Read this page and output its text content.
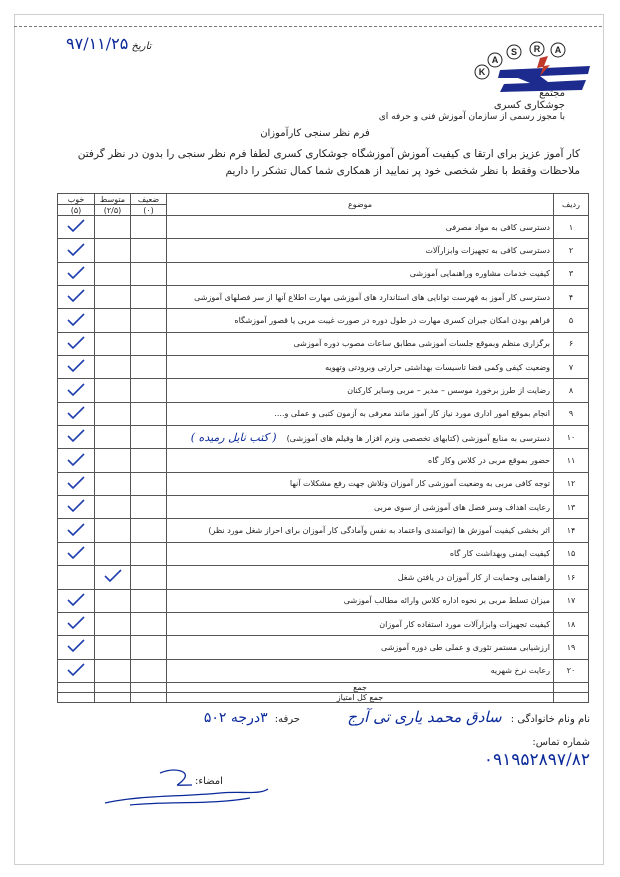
تاریخ ۹۷/۱۱/۲۵	A
R
S
A
K
مجتمع
جوشکاری کسری
با مجوز رسمی از سازمان آموزش فنی و حرفه ای
فرم نظر سنجی کارآموزان
کار آموز عزیز برای ارتقا ی کیفیت آموزش آموزشگاه جوشکاری کسری لطفا فرم نظر سنجی را بدون در نظر گرفتن ملاحظات وفقط با نظر شخصی خود پر نمایید از همکاری شما کمال تشکر را داریم
ردیف	موضوع	ضعیف	متوسط	خوب
		(۰)	(۲/۵)	(۵)
۱	دسترسی کافی به مواد مصرفی			
۲	دسترسی کافی به تجهیزات وابزارآلات			
۳	کیفیت خدمات مشاوره وراهنمایی آموزشی			
۴	دسترسی کار آموز به فهرست توانایی های استاندارد های آموزشی مهارت اطلاع آنها از سر فصلهای آموزشی			
۵	فراهم بودن امکان جبران کسری مهارت در طول دوره در صورت غیبت مربی یا قصور آموزشگاه			
۶	برگزاری منظم وبموقع جلسات آموزشی مطابق ساعات مصوب دوره آموزشی			
۷	وضعیت کیفی وکمی فضا تاسیسات بهداشتی حرارتی وبرودتی وتهویه			
۸	رضایت از طرز برخورد موسس – مدیر – مربی وسایر کارکنان			
۹	انجام بموقع امور اداری مورد نیاز کار آموز مانند معرفی به آزمون کتبی و عملی و....			
۱۰	دسترسی به منابع آموزشی (کتابهای تخصصی ونرم افزار ها وفیلم های آموزشی)( کتب نایل رمیده )			
۱۱	حضور بموقع مربی در کلاس وکار گاه			
۱۲	توجه کافی مربی به وضعیت آموزشی کار آموزان وتلاش جهت رفع مشکلات آنها			
۱۳	رعایت اهداف وسر فصل های آموزشی از سوی مربی			
۱۴	اثر بخشی کیفیت آموزش ها (توانمندی واعتماد به نفس وآمادگی کار آموزان برای احراز شغل مورد نظر)			
۱۵	کیفیت ایمنی وبهداشت کار گاه			
۱۶	راهنمایی وحمایت از کار آموزان در یافتن شغل			
۱۷	میزان تسلط مربی بر نحوه اداره کلاس وارائه مطالب آموزشی			
۱۸	کیفیت تجهیزات وابزارآلات مورد استفاده کار آموزان			
۱۹	ارزشیابی مستمر تئوری و عملی طی دوره آموزشی			
۲۰	رعایت نرخ شهریه			
	جمع			
	جمع کل امتیاز			
نام ونام خانوادگی : سادق محمد یاری تی آرج
حرفه: ۳درجه ۵۰۲
شماره تماس:
۰۹۱۹۵۲۸۹۷/۸۲
امضاء:
